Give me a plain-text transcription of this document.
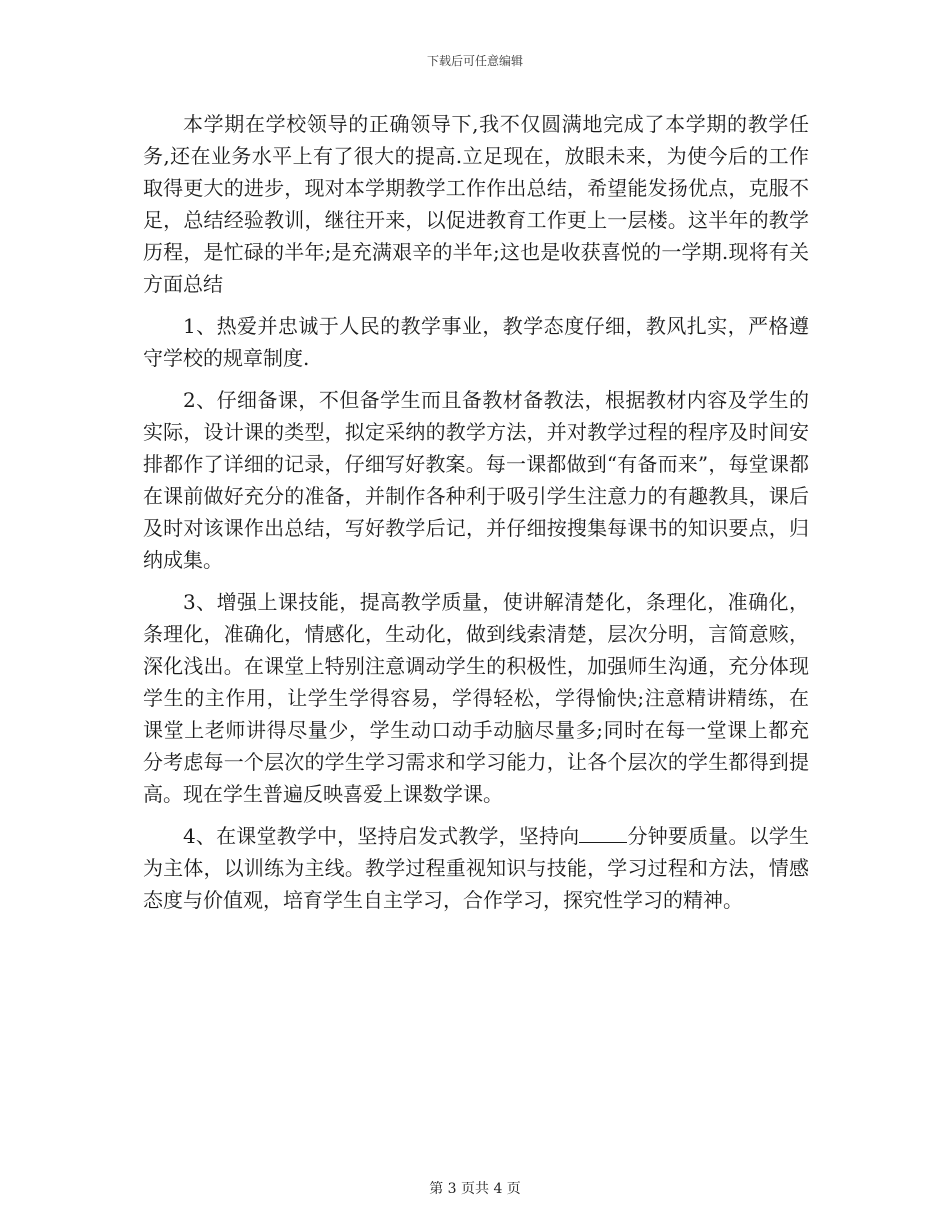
下载后可任意编辑

本学期在学校领导的正确领导下,我不仅圆满地完成了本学期的教学任务,还在业务水平上有了很大的提高.立足现在，放眼未来，为使今后的工作取得更大的进步，现对本学期教学工作作出总结，希望能发扬优点，克服不足，总结经验教训，继往开来，以促进教育工作更上一层楼。这半年的教学历程，是忙碌的半年;是充满艰辛的半年;这也是收获喜悦的一学期.现将有关方面总结

1、热爱并忠诚于人民的教学事业，教学态度仔细，教风扎实，严格遵守学校的规章制度.

2、仔细备课，不但备学生而且备教材备教法，根据教材内容及学生的实际，设计课的类型，拟定采纳的教学方法，并对教学过程的程序及时间安排都作了详细的记录，仔细写好教案。每一课都做到“有备而来”，每堂课都在课前做好充分的准备，并制作各种利于吸引学生注意力的有趣教具，课后及时对该课作出总结，写好教学后记，并仔细按搜集每课书的知识要点，归纳成集。

3、增强上课技能，提高教学质量，使讲解清楚化，条理化，准确化，条理化，准确化，情感化，生动化，做到线索清楚，层次分明，言简意赅，深化浅出。在课堂上特别注意调动学生的积极性，加强师生沟通，充分体现学生的主作用，让学生学得容易，学得轻松，学得愉快;注意精讲精练，在课堂上老师讲得尽量少，学生动口动手动脑尽量多;同时在每一堂课上都充分考虑每一个层次的学生学习需求和学习能力，让各个层次的学生都得到提高。现在学生普遍反映喜爱上课数学课。

4、在课堂教学中，坚持启发式教学，坚持向 分钟要质量。以学生为主体，以训练为主线。教学过程重视知识与技能，学习过程和方法，情感态度与价值观，培育学生自主学习，合作学习，探究性学习的精神。

第 3 页共 4 页
